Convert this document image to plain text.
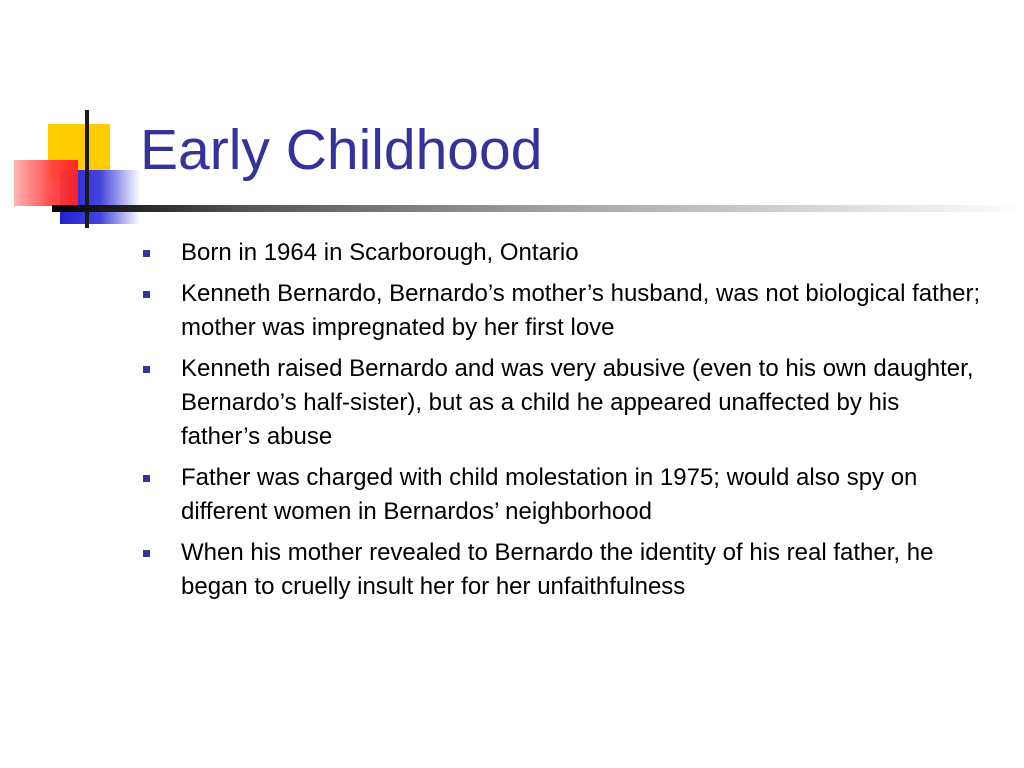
Early Childhood
Born in 1964 in Scarborough, Ontario
Kenneth Bernardo, Bernardo’s mother’s husband, was not biological father; mother was impregnated by her first love
Kenneth raised Bernardo and was very abusive (even to his own daughter, Bernardo’s half-sister), but as a child he appeared unaffected by his father’s abuse
Father was charged with child molestation in 1975; would also spy on different women in Bernardos’ neighborhood
When his mother revealed to Bernardo the identity of his real father, he began to cruelly insult her for her unfaithfulness
